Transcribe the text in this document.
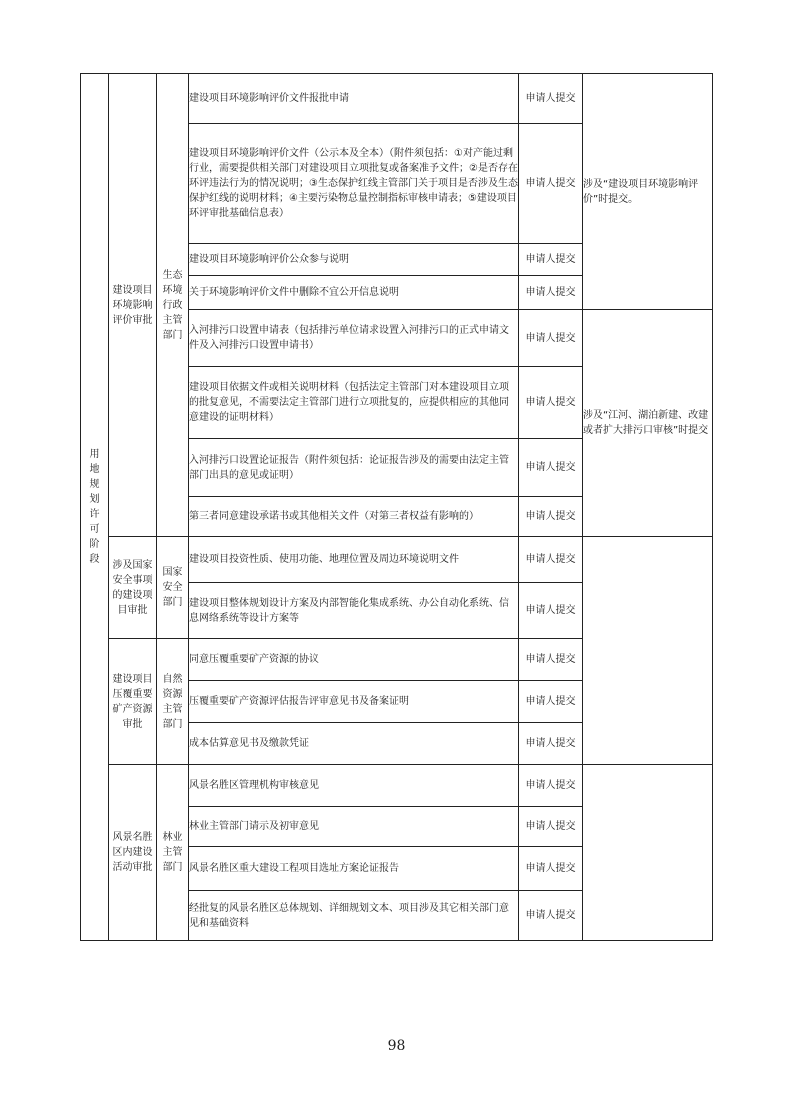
用地规划许可阶段	建设项目环境影响评价审批	生态环境行政主管部门	建设项目环境影响评价文件报批申请	申请人提交	涉及“建设项目环境影响评价”时提交。
			建设项目环境影响评价文件（公示本及全本）（附件须包括：①对产能过剩行业，需要提供相关部门对建设项目立项批复或备案准予文件；②是否存在环评违法行为的情况说明；③生态保护红线主管部门关于项目是否涉及生态保护红线的说明材料；④主要污染物总量控制指标审核申请表；⑤建设项目环评审批基础信息表）	申请人提交	
			建设项目环境影响评价公众参与说明	申请人提交	
			关于环境影响评价文件中删除不宜公开信息说明	申请人提交	
			入河排污口设置申请表（包括排污单位请求设置入河排污口的正式申请文件及入河排污口设置申请书）	申请人提交	涉及“江河、湖泊新建、改建或者扩大排污口审核”时提交
			建设项目依据文件或相关说明材料（包括法定主管部门对本建设项目立项的批复意见，不需要法定主管部门进行立项批复的，应提供相应的其他同意建设的证明材料）	申请人提交	
			入河排污口设置论证报告（附件须包括：论证报告涉及的需要由法定主管部门出具的意见或证明）	申请人提交	
			第三者同意建设承诺书或其他相关文件（对第三者权益有影响的）	申请人提交	

	涉及国家安全事项的建设项目审批	国家安全部门	建设项目投资性质、使用功能、地理位置及周边环境说明文件	申请人提交	
			建设项目整体规划设计方案及内部智能化集成系统、办公自动化系统、信息网络系统等设计方案等	申请人提交	

	建设项目压覆重要矿产资源审批	自然资源主管部门	同意压覆重要矿产资源的协议	申请人提交	
			压覆重要矿产资源评估报告评审意见书及备案证明	申请人提交	
			成本估算意见书及缴款凭证	申请人提交	

	风景名胜区内建设活动审批	林业主管部门	风景名胜区管理机构审核意见	申请人提交	
			林业主管部门请示及初审意见	申请人提交	
			风景名胜区重大建设工程项目选址方案论证报告	申请人提交	
			经批复的风景名胜区总体规划、详细规划文本、项目涉及其它相关部门意见和基础资料	申请人提交	
98
